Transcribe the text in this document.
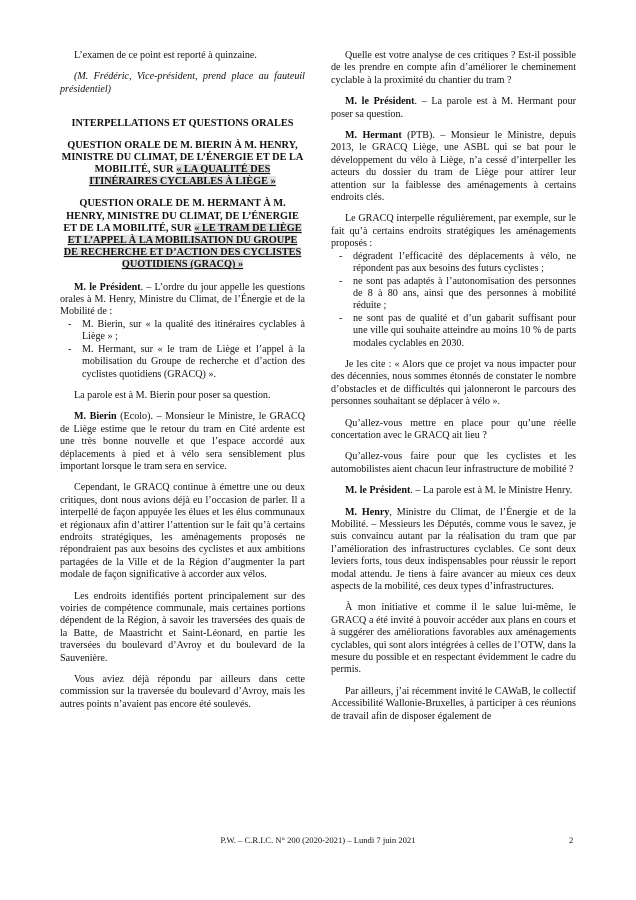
L’examen de ce point est reporté à quinzaine.

(M. Frédéric, Vice-président, prend place au fauteuil présidentiel)

INTERPELLATIONS ET QUESTIONS ORALES
QUESTION ORALE DE M. BIERIN À M. HENRY, MINISTRE DU CLIMAT, DE L’ÉNERGIE ET DE LA MOBILITÉ, SUR « LA QUALITÉ DES ITINÉRAIRES CYCLABLES À LIÈGE »
QUESTION ORALE DE M. HERMANT À M. HENRY, MINISTRE DU CLIMAT, DE L’ÉNERGIE ET DE LA MOBILITÉ, SUR « LE TRAM DE LIÈGE ET L’APPEL À LA MOBILISATION DU GROUPE DE RECHERCHE ET D’ACTION DES CYCLISTES QUOTIDIENS (GRACQ) »

M. le Président. – L’ordre du jour appelle les questions orales à M. Henry, Ministre du Climat, de l’Énergie et de la Mobilité de :

- M. Bierin, sur « la qualité des itinéraires cyclables à Liège » ;
- M. Hermant, sur « le tram de Liège et l’appel à la mobilisation du Groupe de recherche et d’action des cyclistes quotidiens (GRACQ) ».

La parole est à M. Bierin pour poser sa question.

M. Bierin (Ecolo). – Monsieur le Ministre, le GRACQ de Liège estime que le retour du tram en Cité ardente est une très bonne nouvelle et que l’espace accordé aux déplacements à pied et à vélo sera sensiblement plus important lorsque le tram sera en service.

Cependant, le GRACQ continue à émettre une ou deux critiques, dont nous avions déjà eu l’occasion de parler. Il a interpellé de façon appuyée les élues et les élus communaux et régionaux afin d’attirer l’attention sur le fait qu’à certains endroits stratégiques, les aménagements proposés ne répondraient pas aux besoins des cyclistes et aux ambitions partagées de la Ville et de la Région d’augmenter la part modale de façon significative à accorder aux vélos.

Les endroits identifiés portent principalement sur des voiries de compétence communale, mais certaines portions dépendent de la Région, à savoir les traversées des quais de la Batte, de Maastricht et Saint-Léonard, en partie les traversées du boulevard d’Avroy et du boulevard de la Sauvenière.

Vous aviez déjà répondu par ailleurs dans cette commission sur la traversée du boulevard d’Avroy, mais les autres points n’avaient pas encore été soulevés.

Quelle est votre analyse de ces critiques ? Est-il possible de les prendre en compte afin d’améliorer le cheminement cyclable à la proximité du chantier du tram ?

M. le Président. – La parole est à M. Hermant pour poser sa question.

M. Hermant (PTB). – Monsieur le Ministre, depuis 2013, le GRACQ Liège, une ASBL qui se bat pour le développement du vélo à Liège, n’a cessé d’interpeller les acteurs du dossier du tram de Liège pour attirer leur attention sur la faiblesse des aménagements à certains endroits clés.

Le GRACQ interpelle régulièrement, par exemple, sur le fait qu’à certains endroits stratégiques les aménagements proposés :

- dégradent l’efficacité des déplacements à vélo, ne répondent pas aux besoins des futurs cyclistes ;
- ne sont pas adaptés à l’autonomisation des personnes de 8 à 80 ans, ainsi que des personnes à mobilité réduite ;
- ne sont pas de qualité et d’un gabarit suffisant pour une ville qui souhaite atteindre au moins 10 % de parts modales cyclables en 2030.

Je les cite : « Alors que ce projet va nous impacter pour des décennies, nous sommes étonnés de constater le nombre d’obstacles et de difficultés qui jalonneront le parcours des personnes souhaitant se déplacer à vélo ».

Qu’allez-vous mettre en place pour qu’une réelle concertation avec le GRACQ ait lieu ?

Qu’allez-vous faire pour que les cyclistes et les automobilistes aient chacun leur infrastructure de mobilité ?

M. le Président. – La parole est à M. le Ministre Henry.

M. Henry, Ministre du Climat, de l’Énergie et de la Mobilité. – Messieurs les Députés, comme vous le savez, je suis convaincu autant par la réalisation du tram que par l’amélioration des infrastructures cyclables. Ce sont deux leviers forts, tous deux indispensables pour réussir le report modal attendu. Je tiens à faire avancer au mieux ces deux aspects de la mobilité, ces deux types d’infrastructures.

À mon initiative et comme il le salue lui-même, le GRACQ a été invité à pouvoir accéder aux plans en cours et à suggérer des améliorations favorables aux aménagements cyclables, qui sont alors intégrées à celles de l’OTW, dans la mesure du possible et en respectant évidemment le cadre du permis.

Par ailleurs, j’ai récemment invité le CAWaB, le collectif Accessibilité Wallonie-Bruxelles, à participer à ces réunions de travail afin de disposer également de

P.W. – C.R.I.C. N° 200 (2020-2021) – Lundi 7 juin 2021	2
